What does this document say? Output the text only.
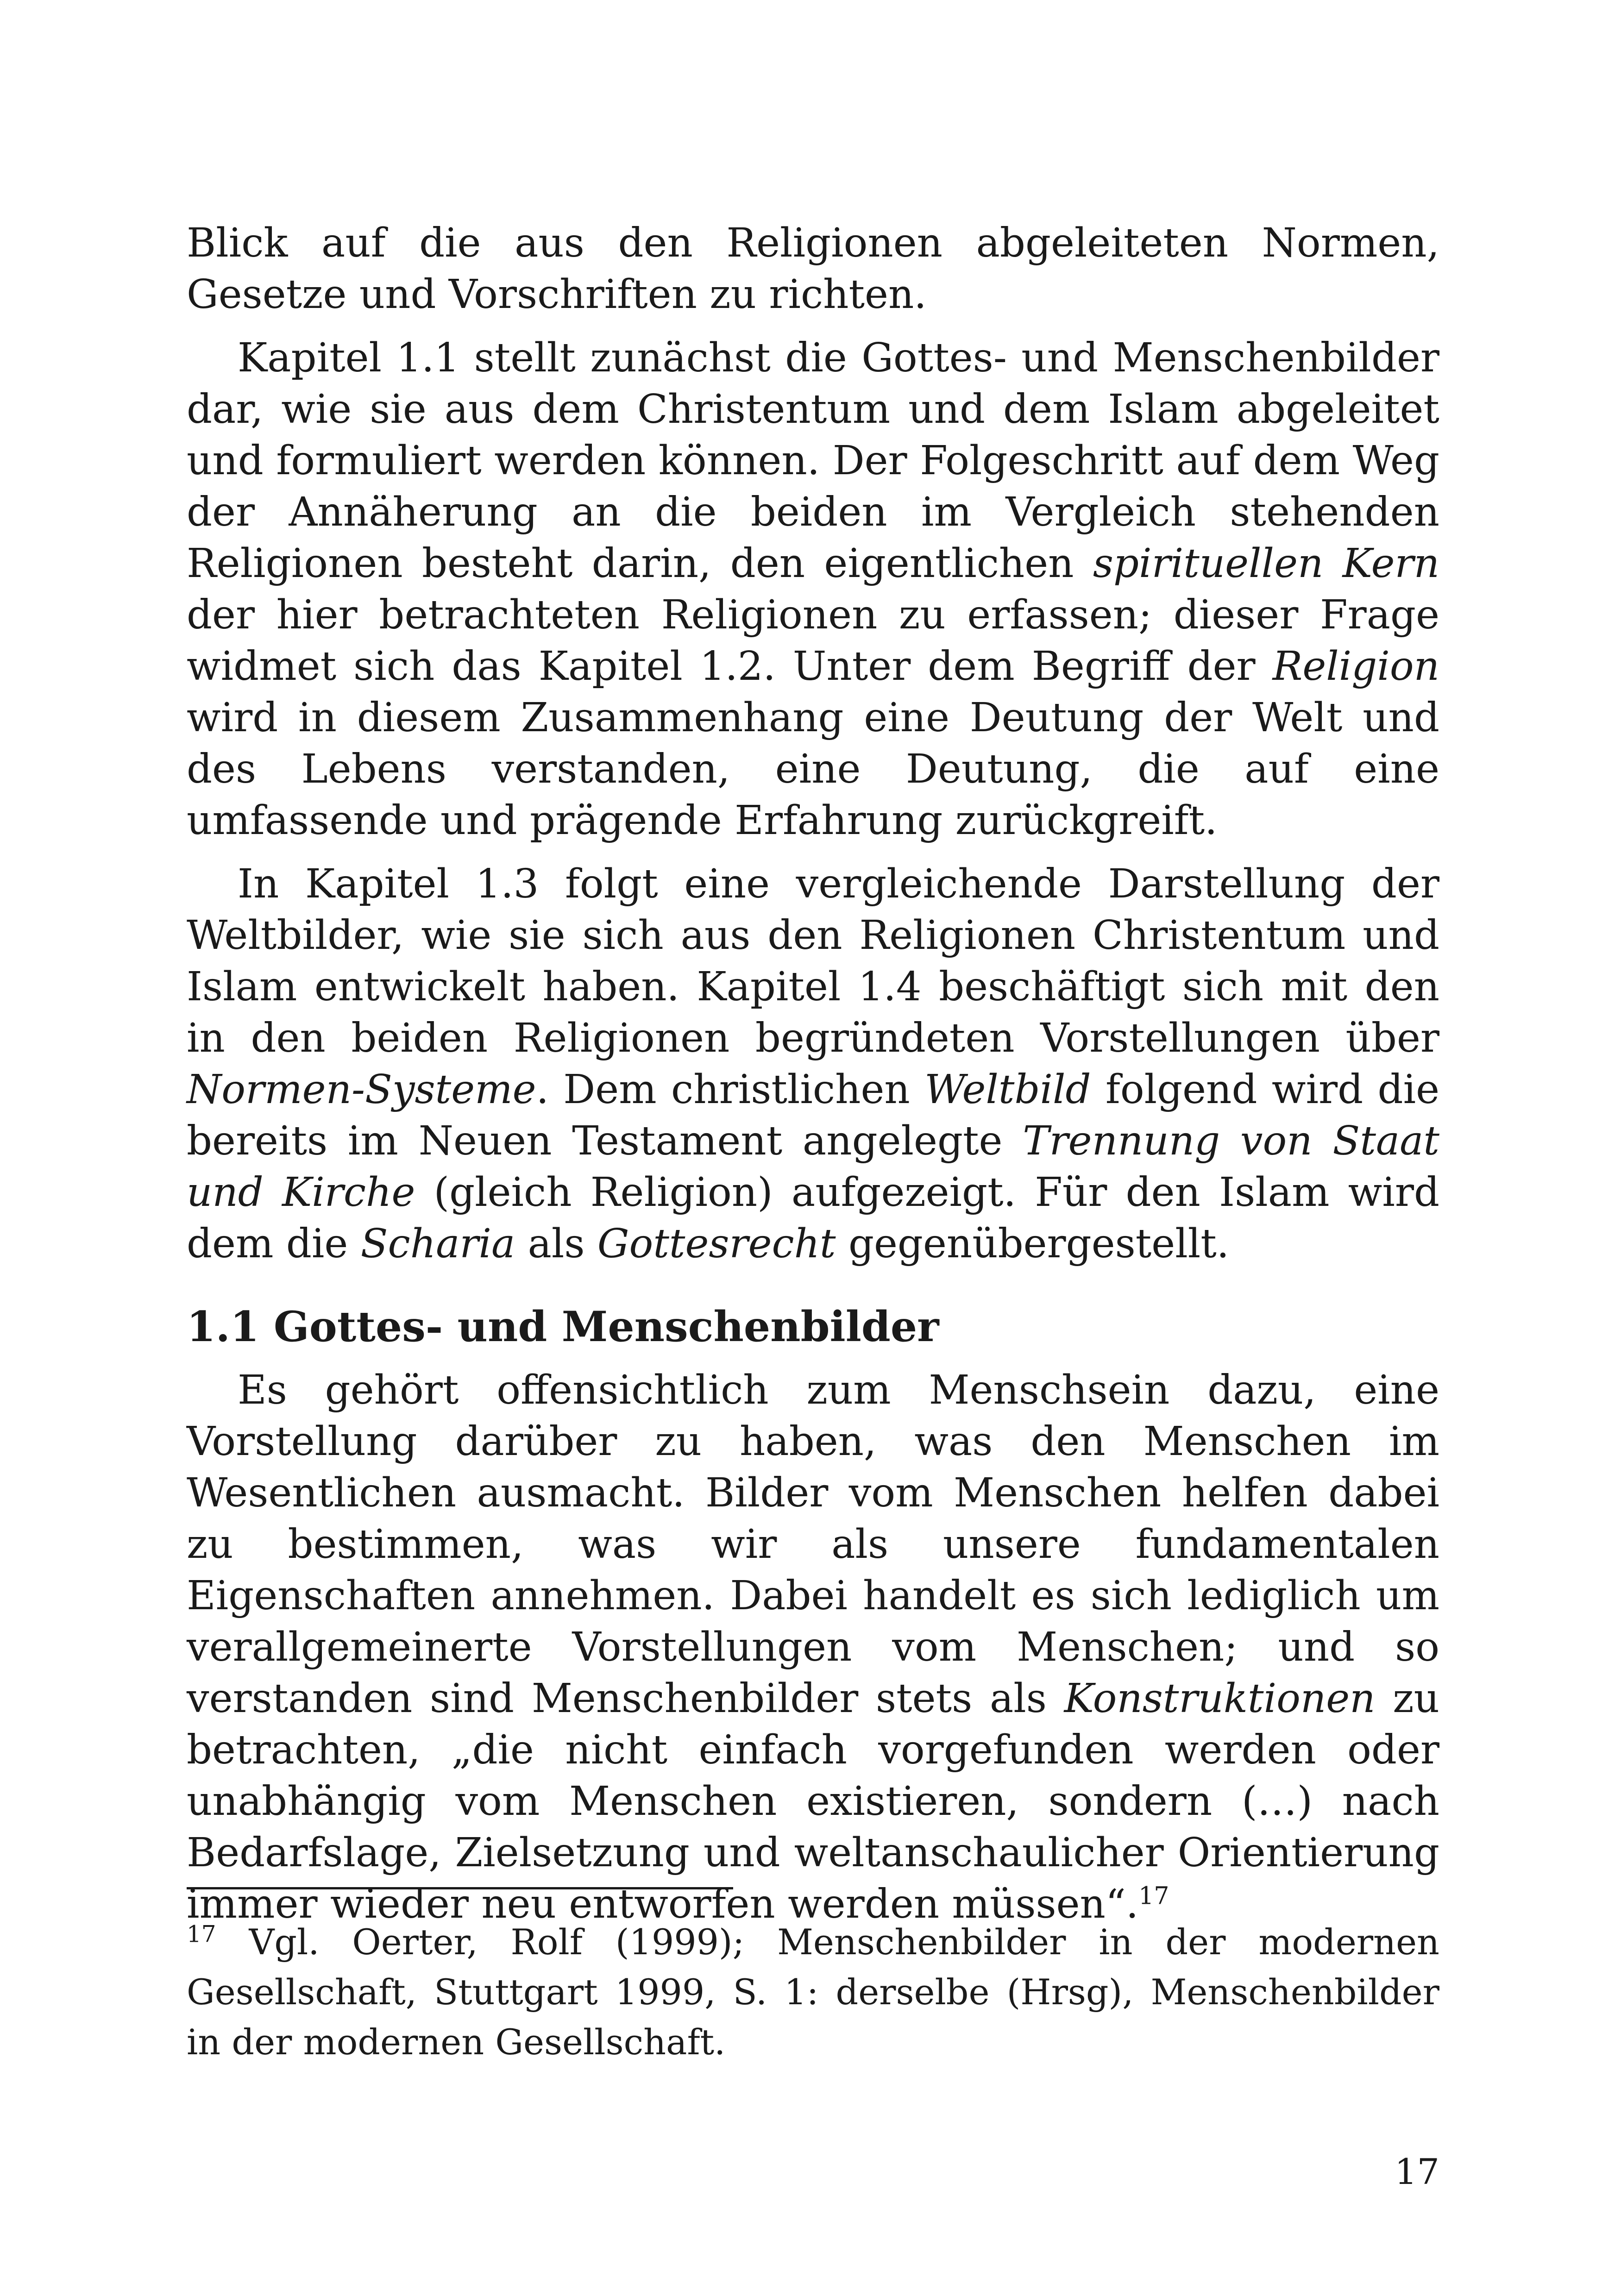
Blick auf die aus den Religionen abgeleiteten Normen, Gesetze und Vorschriften zu richten.

Kapitel 1.1 stellt zunächst die Gottes- und Menschenbilder dar, wie sie aus dem Christentum und dem Islam abgeleitet und formuliert werden können. Der Folgeschritt auf dem Weg der Annäherung an die beiden im Vergleich stehenden Religionen besteht darin, den eigentlichen spirituellen Kern der hier betrachteten Religionen zu erfassen; dieser Frage widmet sich das Kapitel 1.2. Unter dem Begriff der Religion wird in diesem Zusammenhang eine Deutung der Welt und des Lebens verstanden, eine Deutung, die auf eine umfassende und prägende Erfahrung zurückgreift.

In Kapitel 1.3 folgt eine vergleichende Darstellung der Weltbilder, wie sie sich aus den Religionen Christentum und Islam entwickelt haben. Kapitel 1.4 beschäftigt sich mit den in den beiden Religionen begründeten Vorstellungen über Normen-Systeme. Dem christlichen Weltbild folgend wird die bereits im Neuen Testament angelegte Trennung von Staat und Kirche (gleich Religion) aufgezeigt. Für den Islam wird dem die Scharia als Gottesrecht gegenübergestellt.

1.1 Gottes- und Menschenbilder

Es gehört offensichtlich zum Menschsein dazu, eine Vorstellung darüber zu haben, was den Menschen im Wesentlichen ausmacht. Bilder vom Menschen helfen dabei zu bestimmen, was wir als unsere fundamentalen Eigenschaften annehmen. Dabei handelt es sich lediglich um verallgemeinerte Vorstellungen vom Menschen; und so verstanden sind Menschenbilder stets als Konstruktionen zu betrachten, „die nicht einfach vorgefunden werden oder unabhängig vom Menschen existieren, sondern (…) nach Bedarfslage, Zielsetzung und weltanschaulicher Orientierung immer wieder neu entworfen werden müssen“.$^{17}$

$^{17}$ Vgl. Oerter, Rolf (1999); Menschenbilder in der modernen Gesellschaft, Stuttgart 1999, S. 1: derselbe (Hrsg), Menschenbilder in der modernen Gesellschaft.

17
